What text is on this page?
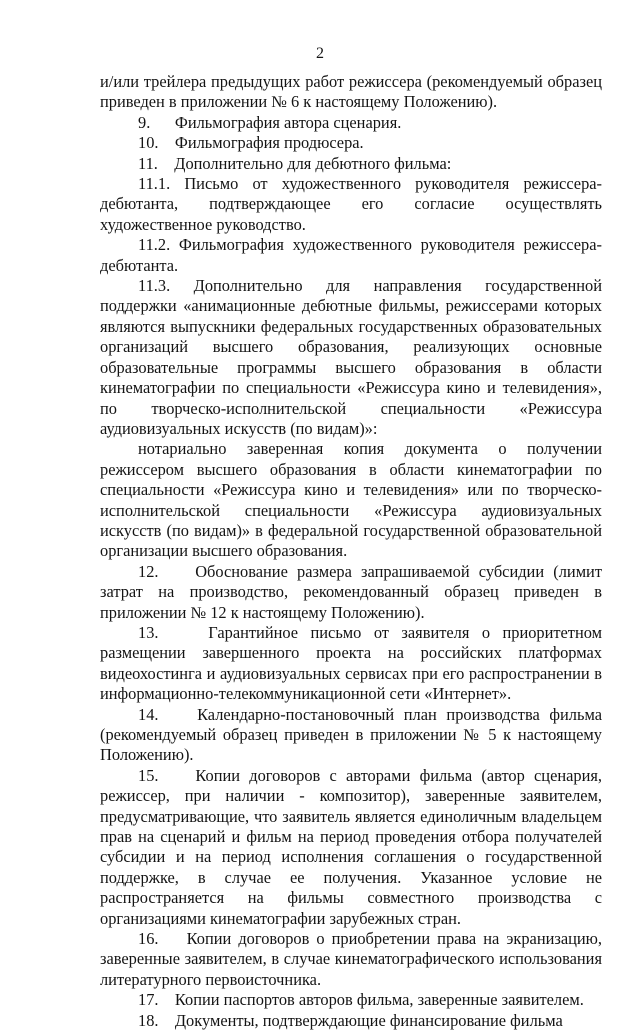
2

и/или трейлера предыдущих работ режиссера (рекомендуемый образец приведен в приложении № 6 к настоящему Положению).

9.      Фильмография автора сценария.

10.    Фильмография продюсера.

11.    Дополнительно для дебютного фильма:

11.1. Письмо от художественного руководителя режиссера-дебютанта, подтверждающее его согласие осуществлять художественное руководство.

11.2. Фильмография художественного руководителя режиссера-дебютанта.

11.3. Дополнительно для направления государственной поддержки «анимационные дебютные фильмы, режиссерами которых являются выпускники федеральных государственных образовательных организаций высшего образования, реализующих основные образовательные программы высшего образования в области кинематографии по специальности «Режиссура кино и телевидения», по творческо-исполнительской специальности «Режиссура аудиовизуальных искусств (по видам)»:

нотариально заверенная копия документа о получении режиссером высшего образования в области кинематографии по специальности «Режиссура кино и телевидения» или по творческо-исполнительской специальности «Режиссура аудиовизуальных искусств (по видам)» в федеральной государственной образовательной организации высшего образования.

12.    Обоснование размера запрашиваемой субсидии (лимит затрат на производство, рекомендованный образец приведен в приложении № 12 к настоящему Положению).

13.    Гарантийное письмо от заявителя о приоритетном размещении завершенного проекта на российских платформах видеохостинга и аудиовизуальных сервисах при его распространении в информационно-телекоммуникационной сети «Интернет».

14.    Календарно-постановочный план производства фильма (рекомендуемый образец приведен в приложении № 5 к настоящему Положению).

15.    Копии договоров с авторами фильма (автор сценария, режиссер, при наличии - композитор), заверенные заявителем, предусматривающие, что заявитель является единоличным владельцем прав на сценарий и фильм на период проведения отбора получателей субсидии и на период исполнения соглашения о государственной поддержке, в случае ее получения. Указанное условие не распространяется на фильмы совместного производства с организациями кинематографии зарубежных стран.

16.    Копии договоров о приобретении права на экранизацию, заверенные заявителем, в случае кинематографического использования литературного первоисточника.

17.    Копии паспортов авторов фильма, заверенные заявителем.

18.    Документы, подтверждающие финансирование фильма
